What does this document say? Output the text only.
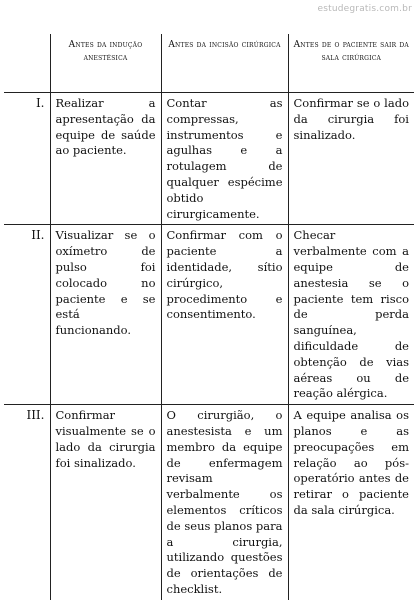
estudegratis.com.br
	Antes da indução anestésica	Antes da incisão cirúrgica	Antes de o paciente sair da sala cirúrgica
I.	Realizar a apresentação da equipe de saúde ao paciente.	Contar as compressas, instrumentos e agulhas e a rotulagem de qualquer espécime obtido cirurgicamente.	Confirmar se o lado da cirurgia foi sinalizado.
II.	Visualizar se o oxímetro de pulso foi colocado no paciente e se está funcionando.	Confirmar com o paciente a identidade, sítio cirúrgico, procedimento e consentimento.	Checar verbalmente com a equipe de anestesia se o paciente tem risco de perda sanguínea, dificuldade de obtenção de vias aéreas ou de reação alérgica.
III.	Confirmar visualmente se o lado da cirurgia foi sinalizado.	O cirurgião, o anestesista e um membro da equipe de enfermagem revisam verbalmente os elementos críticos de seus planos para a cirurgia, utilizando questões de orientações de checklist.	A equipe analisa os planos e as preocupações em relação ao pós-operatório antes de retirar o paciente da sala cirúrgica.
